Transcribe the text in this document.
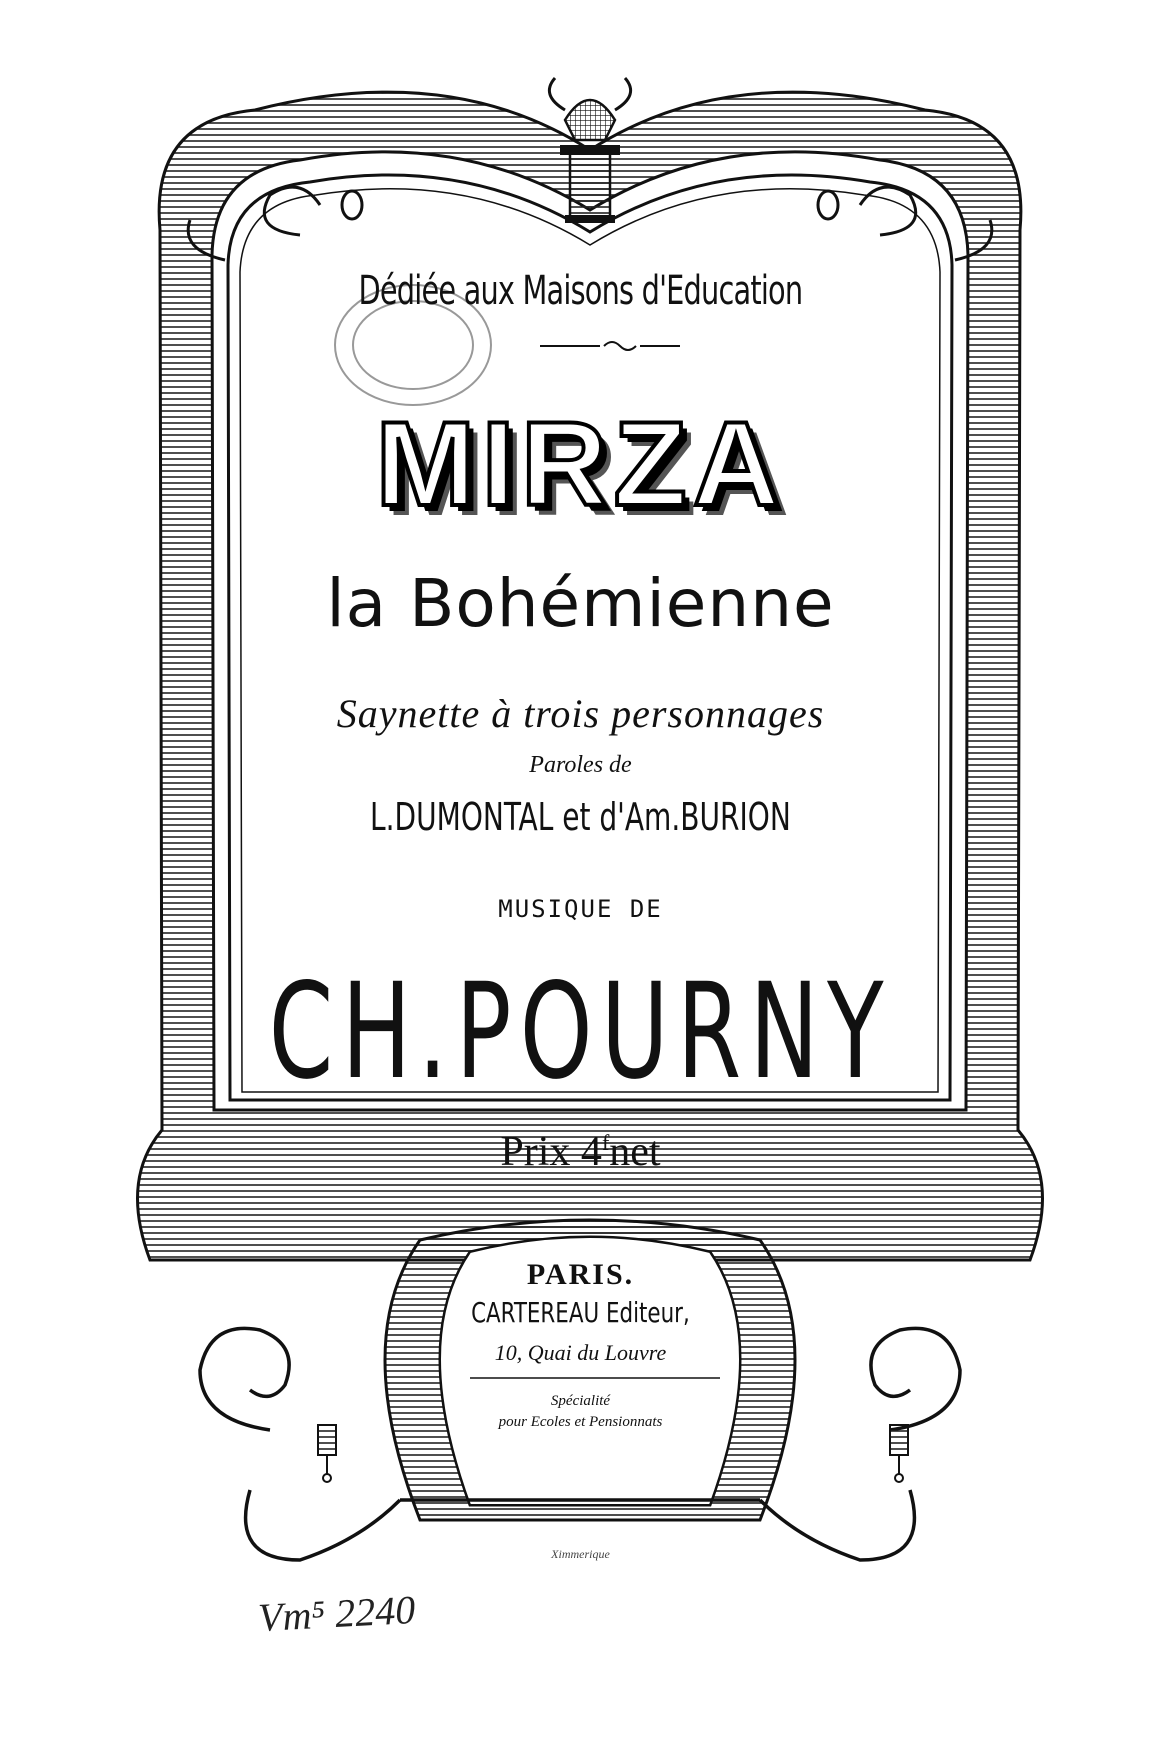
Dédiée aux Maisons d'Education
MIRZA
la Bohémienne
Saynette à trois personnages
Paroles de
L.DUMONTAL et d'Am.BURION
MUSIQUE DE
CH.POURNY
Prix 4$^f$net
PARIS.
CARTEREAU Editeur,
10, Quai du Louvre
Spécialité
pour Ecoles et Pensionnats
Ximmerique
Vm⁵ 2240
